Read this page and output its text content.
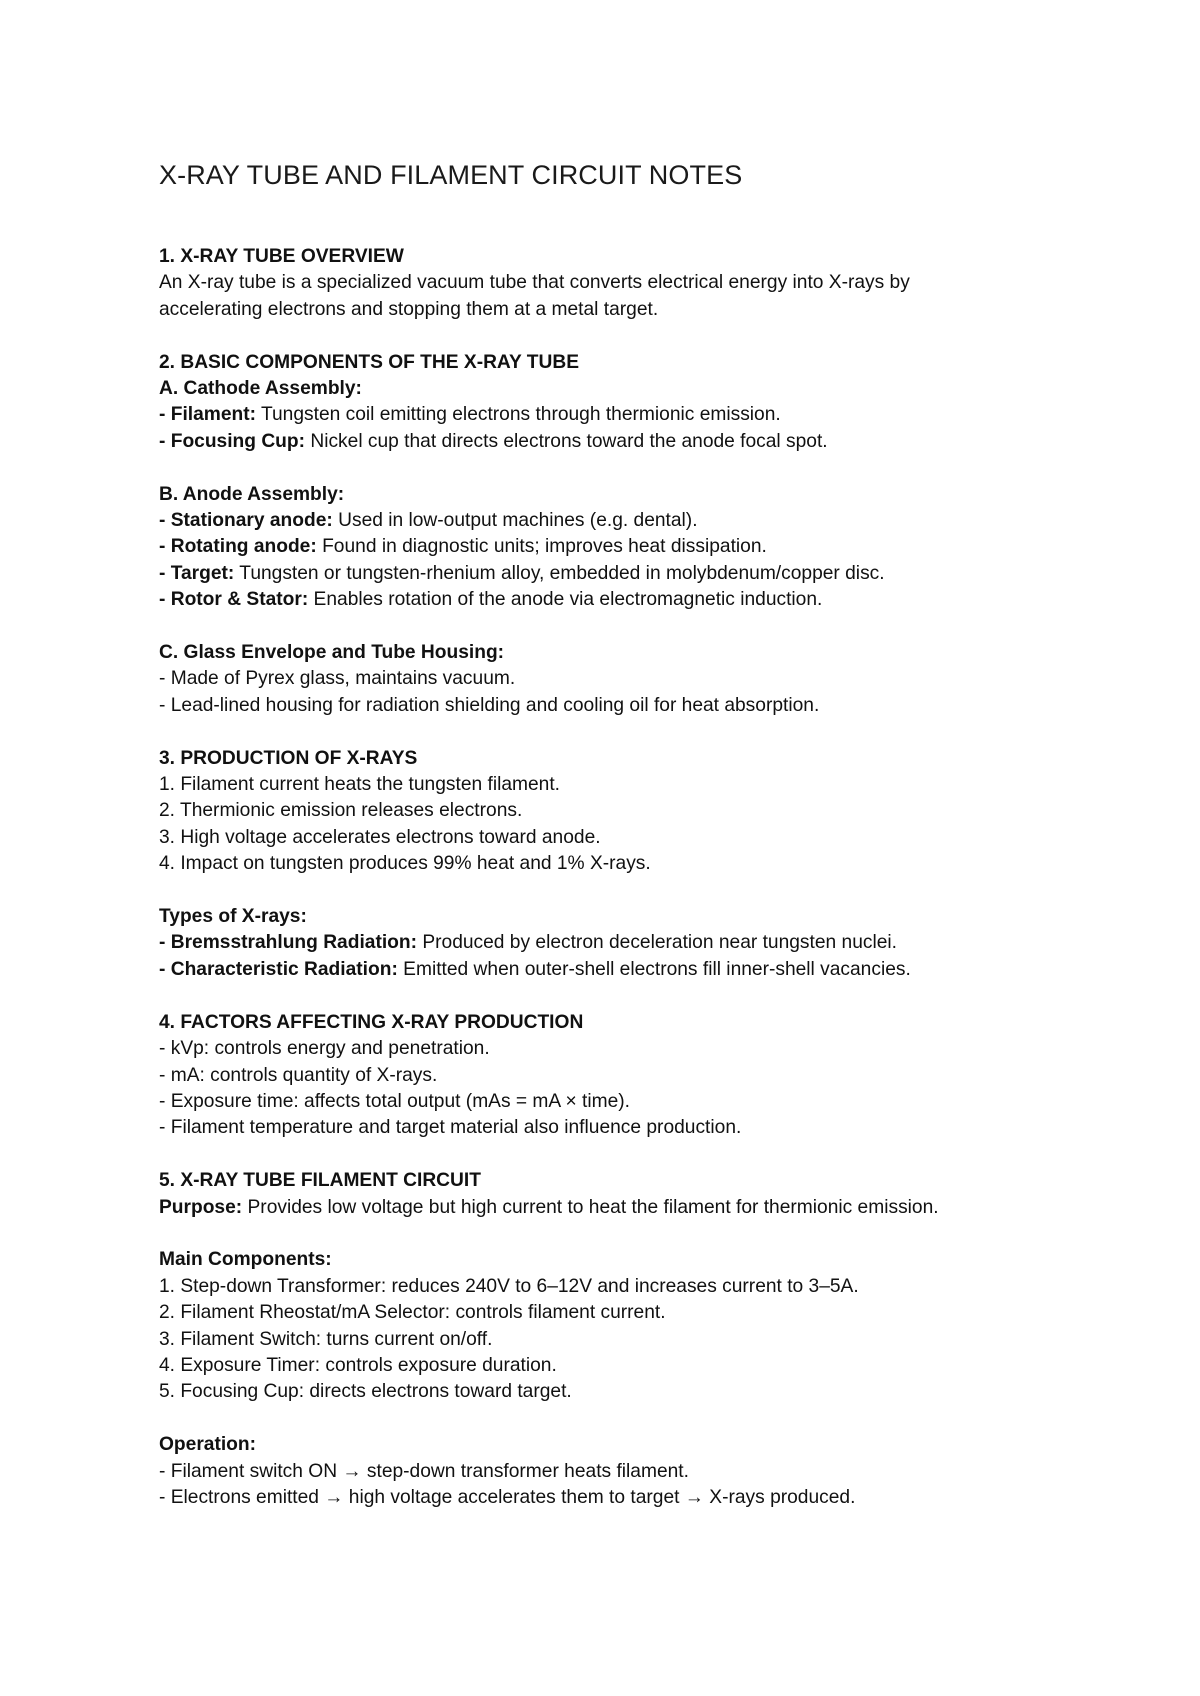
X-RAY TUBE AND FILAMENT CIRCUIT NOTES
1. X-RAY TUBE OVERVIEW
An X-ray tube is a specialized vacuum tube that converts electrical energy into X-rays by
accelerating electrons and stopping them at a metal target.
2. BASIC COMPONENTS OF THE X-RAY TUBE
A. Cathode Assembly:
- Filament: Tungsten coil emitting electrons through thermionic emission.
- Focusing Cup: Nickel cup that directs electrons toward the anode focal spot.
B. Anode Assembly:
- Stationary anode: Used in low-output machines (e.g. dental).
- Rotating anode: Found in diagnostic units; improves heat dissipation.
- Target: Tungsten or tungsten-rhenium alloy, embedded in molybdenum/copper disc.
- Rotor & Stator: Enables rotation of the anode via electromagnetic induction.
C. Glass Envelope and Tube Housing:
- Made of Pyrex glass, maintains vacuum.
- Lead-lined housing for radiation shielding and cooling oil for heat absorption.
3. PRODUCTION OF X-RAYS
1. Filament current heats the tungsten filament.
2. Thermionic emission releases electrons.
3. High voltage accelerates electrons toward anode.
4. Impact on tungsten produces 99% heat and 1% X-rays.
Types of X-rays:
- Bremsstrahlung Radiation: Produced by electron deceleration near tungsten nuclei.
- Characteristic Radiation: Emitted when outer-shell electrons fill inner-shell vacancies.
4. FACTORS AFFECTING X-RAY PRODUCTION
- kVp: controls energy and penetration.
- mA: controls quantity of X-rays.
- Exposure time: affects total output (mAs = mA × time).
- Filament temperature and target material also influence production.
5. X-RAY TUBE FILAMENT CIRCUIT
Purpose: Provides low voltage but high current to heat the filament for thermionic emission.
Main Components:
1. Step-down Transformer: reduces 240V to 6–12V and increases current to 3–5A.
2. Filament Rheostat/mA Selector: controls filament current.
3. Filament Switch: turns current on/off.
4. Exposure Timer: controls exposure duration.
5. Focusing Cup: directs electrons toward target.
Operation:
- Filament switch ON → step-down transformer heats filament.
- Electrons emitted → high voltage accelerates them to target → X-rays produced.
